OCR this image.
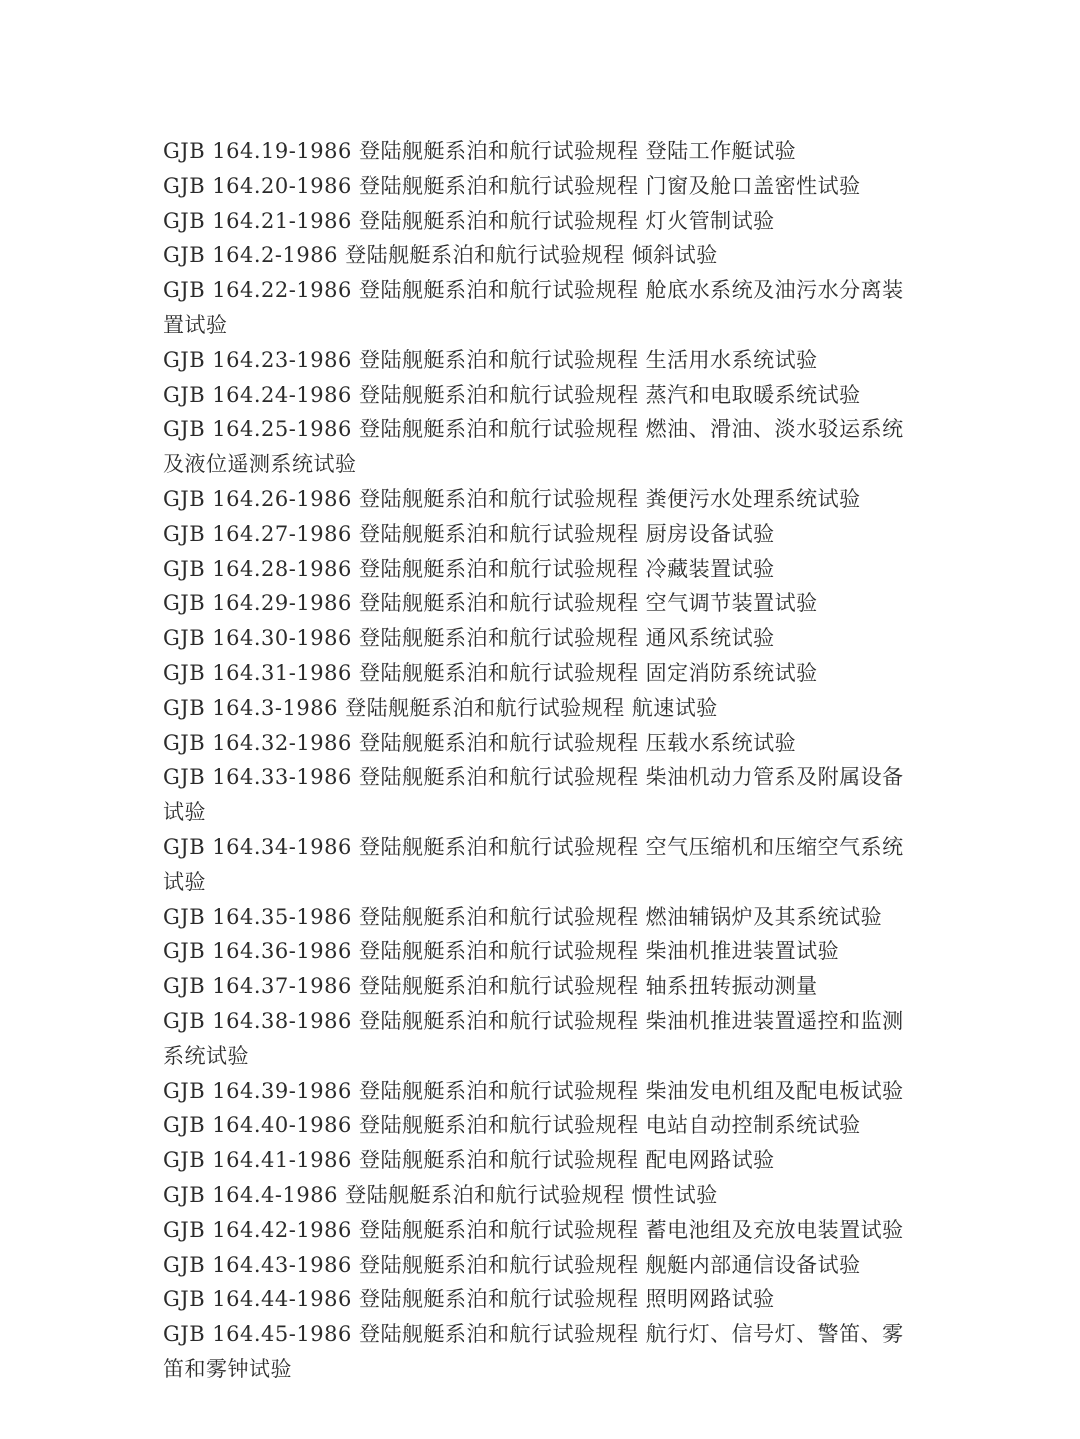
GJB 164.19-1986 登陆舰艇系泊和航行试验规程 登陆工作艇试验

GJB 164.20-1986 登陆舰艇系泊和航行试验规程 门窗及舱口盖密性试验

GJB 164.21-1986 登陆舰艇系泊和航行试验规程 灯火管制试验

GJB 164.2-1986 登陆舰艇系泊和航行试验规程 倾斜试验

GJB 164.22-1986 登陆舰艇系泊和航行试验规程 舱底水系统及油污水分离装置试验

GJB 164.23-1986 登陆舰艇系泊和航行试验规程 生活用水系统试验

GJB 164.24-1986 登陆舰艇系泊和航行试验规程 蒸汽和电取暖系统试验

GJB 164.25-1986 登陆舰艇系泊和航行试验规程 燃油、滑油、淡水驳运系统及液位遥测系统试验

GJB 164.26-1986 登陆舰艇系泊和航行试验规程 粪便污水处理系统试验

GJB 164.27-1986 登陆舰艇系泊和航行试验规程 厨房设备试验

GJB 164.28-1986 登陆舰艇系泊和航行试验规程 冷藏装置试验

GJB 164.29-1986 登陆舰艇系泊和航行试验规程 空气调节装置试验

GJB 164.30-1986 登陆舰艇系泊和航行试验规程 通风系统试验

GJB 164.31-1986 登陆舰艇系泊和航行试验规程 固定消防系统试验

GJB 164.3-1986 登陆舰艇系泊和航行试验规程 航速试验

GJB 164.32-1986 登陆舰艇系泊和航行试验规程 压载水系统试验

GJB 164.33-1986 登陆舰艇系泊和航行试验规程 柴油机动力管系及附属设备试验

GJB 164.34-1986 登陆舰艇系泊和航行试验规程 空气压缩机和压缩空气系统试验

GJB 164.35-1986 登陆舰艇系泊和航行试验规程 燃油辅锅炉及其系统试验

GJB 164.36-1986 登陆舰艇系泊和航行试验规程 柴油机推进装置试验

GJB 164.37-1986 登陆舰艇系泊和航行试验规程 轴系扭转振动测量

GJB 164.38-1986 登陆舰艇系泊和航行试验规程 柴油机推进装置遥控和监测系统试验

GJB 164.39-1986 登陆舰艇系泊和航行试验规程 柴油发电机组及配电板试验

GJB 164.40-1986 登陆舰艇系泊和航行试验规程 电站自动控制系统试验

GJB 164.41-1986 登陆舰艇系泊和航行试验规程 配电网路试验

GJB 164.4-1986 登陆舰艇系泊和航行试验规程 惯性试验

GJB 164.42-1986 登陆舰艇系泊和航行试验规程 蓄电池组及充放电装置试验

GJB 164.43-1986 登陆舰艇系泊和航行试验规程 舰艇内部通信设备试验

GJB 164.44-1986 登陆舰艇系泊和航行试验规程 照明网路试验

GJB 164.45-1986 登陆舰艇系泊和航行试验规程 航行灯、信号灯、警笛、雾笛和雾钟试验
